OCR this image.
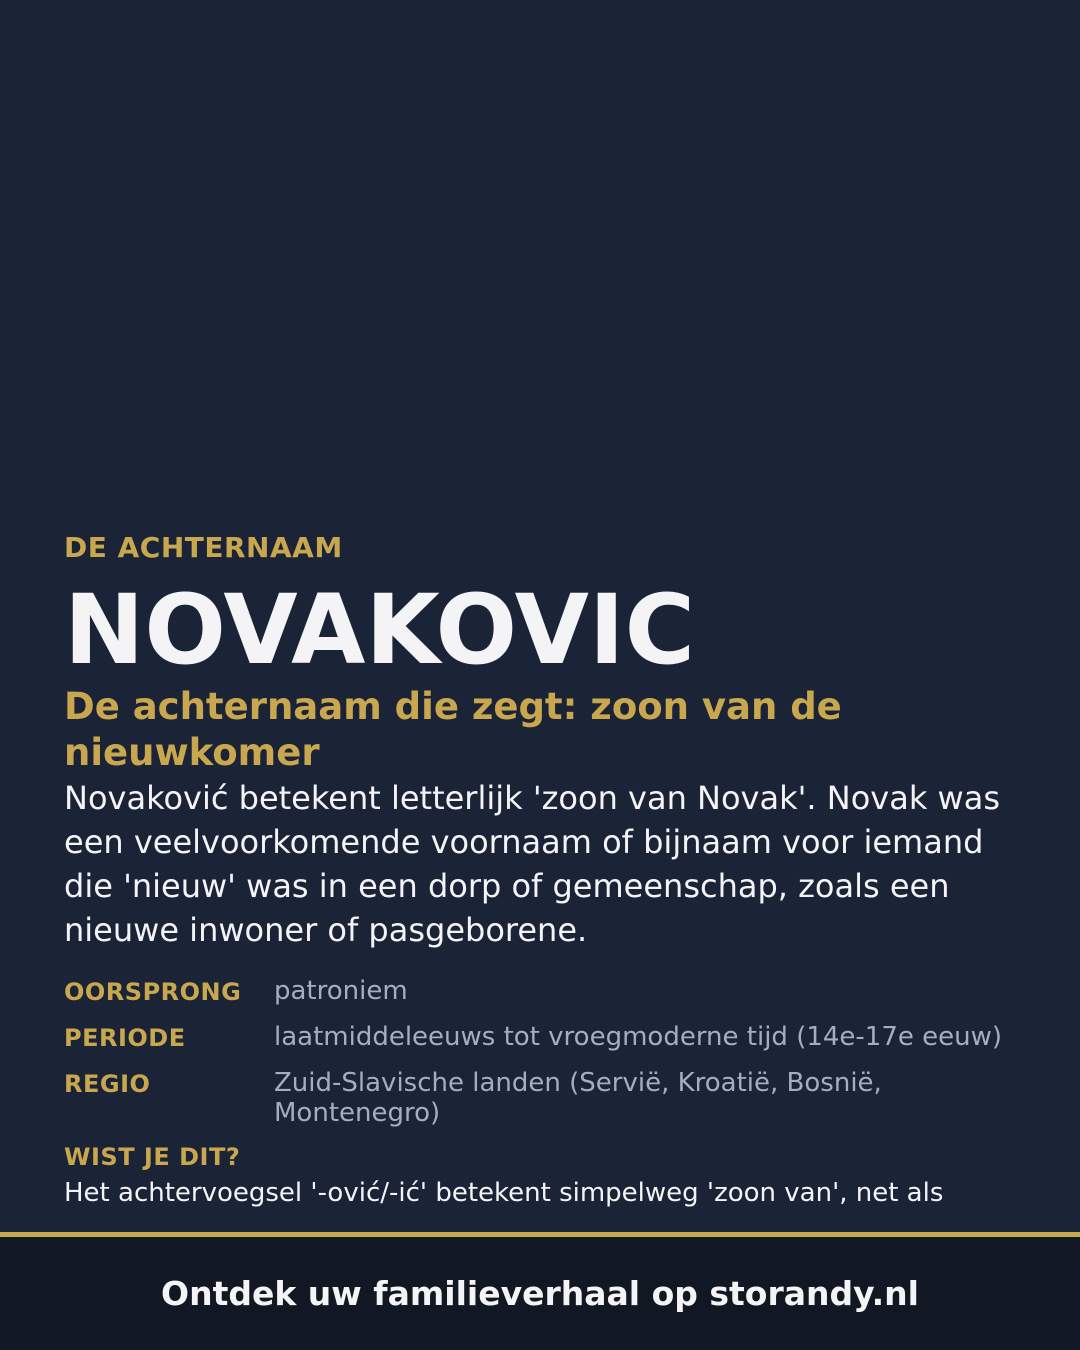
DE ACHTERNAAM
NOVAKOVIC
De achternaam die zegt: zoon van de nieuwkomer
Novaković betekent letterlijk 'zoon van Novak'. Novak was een veelvoorkomende voornaam of bijnaam voor iemand die 'nieuw' was in een dorp of gemeenschap, zoals een nieuwe inwoner of pasgeborene.
OORSPRONG	patroniem
PERIODE	laatmiddeleeuws tot vroegmoderne tijd (14e-17e eeuw)
REGIO	Zuid-Slavische landen (Servië, Kroatië, Bosnië, Montenegro)
WIST JE DIT?
Het achtervoegsel '-ović/-ić' betekent simpelweg 'zoon van', net als
Ontdek uw familieverhaal op storandy.nl
